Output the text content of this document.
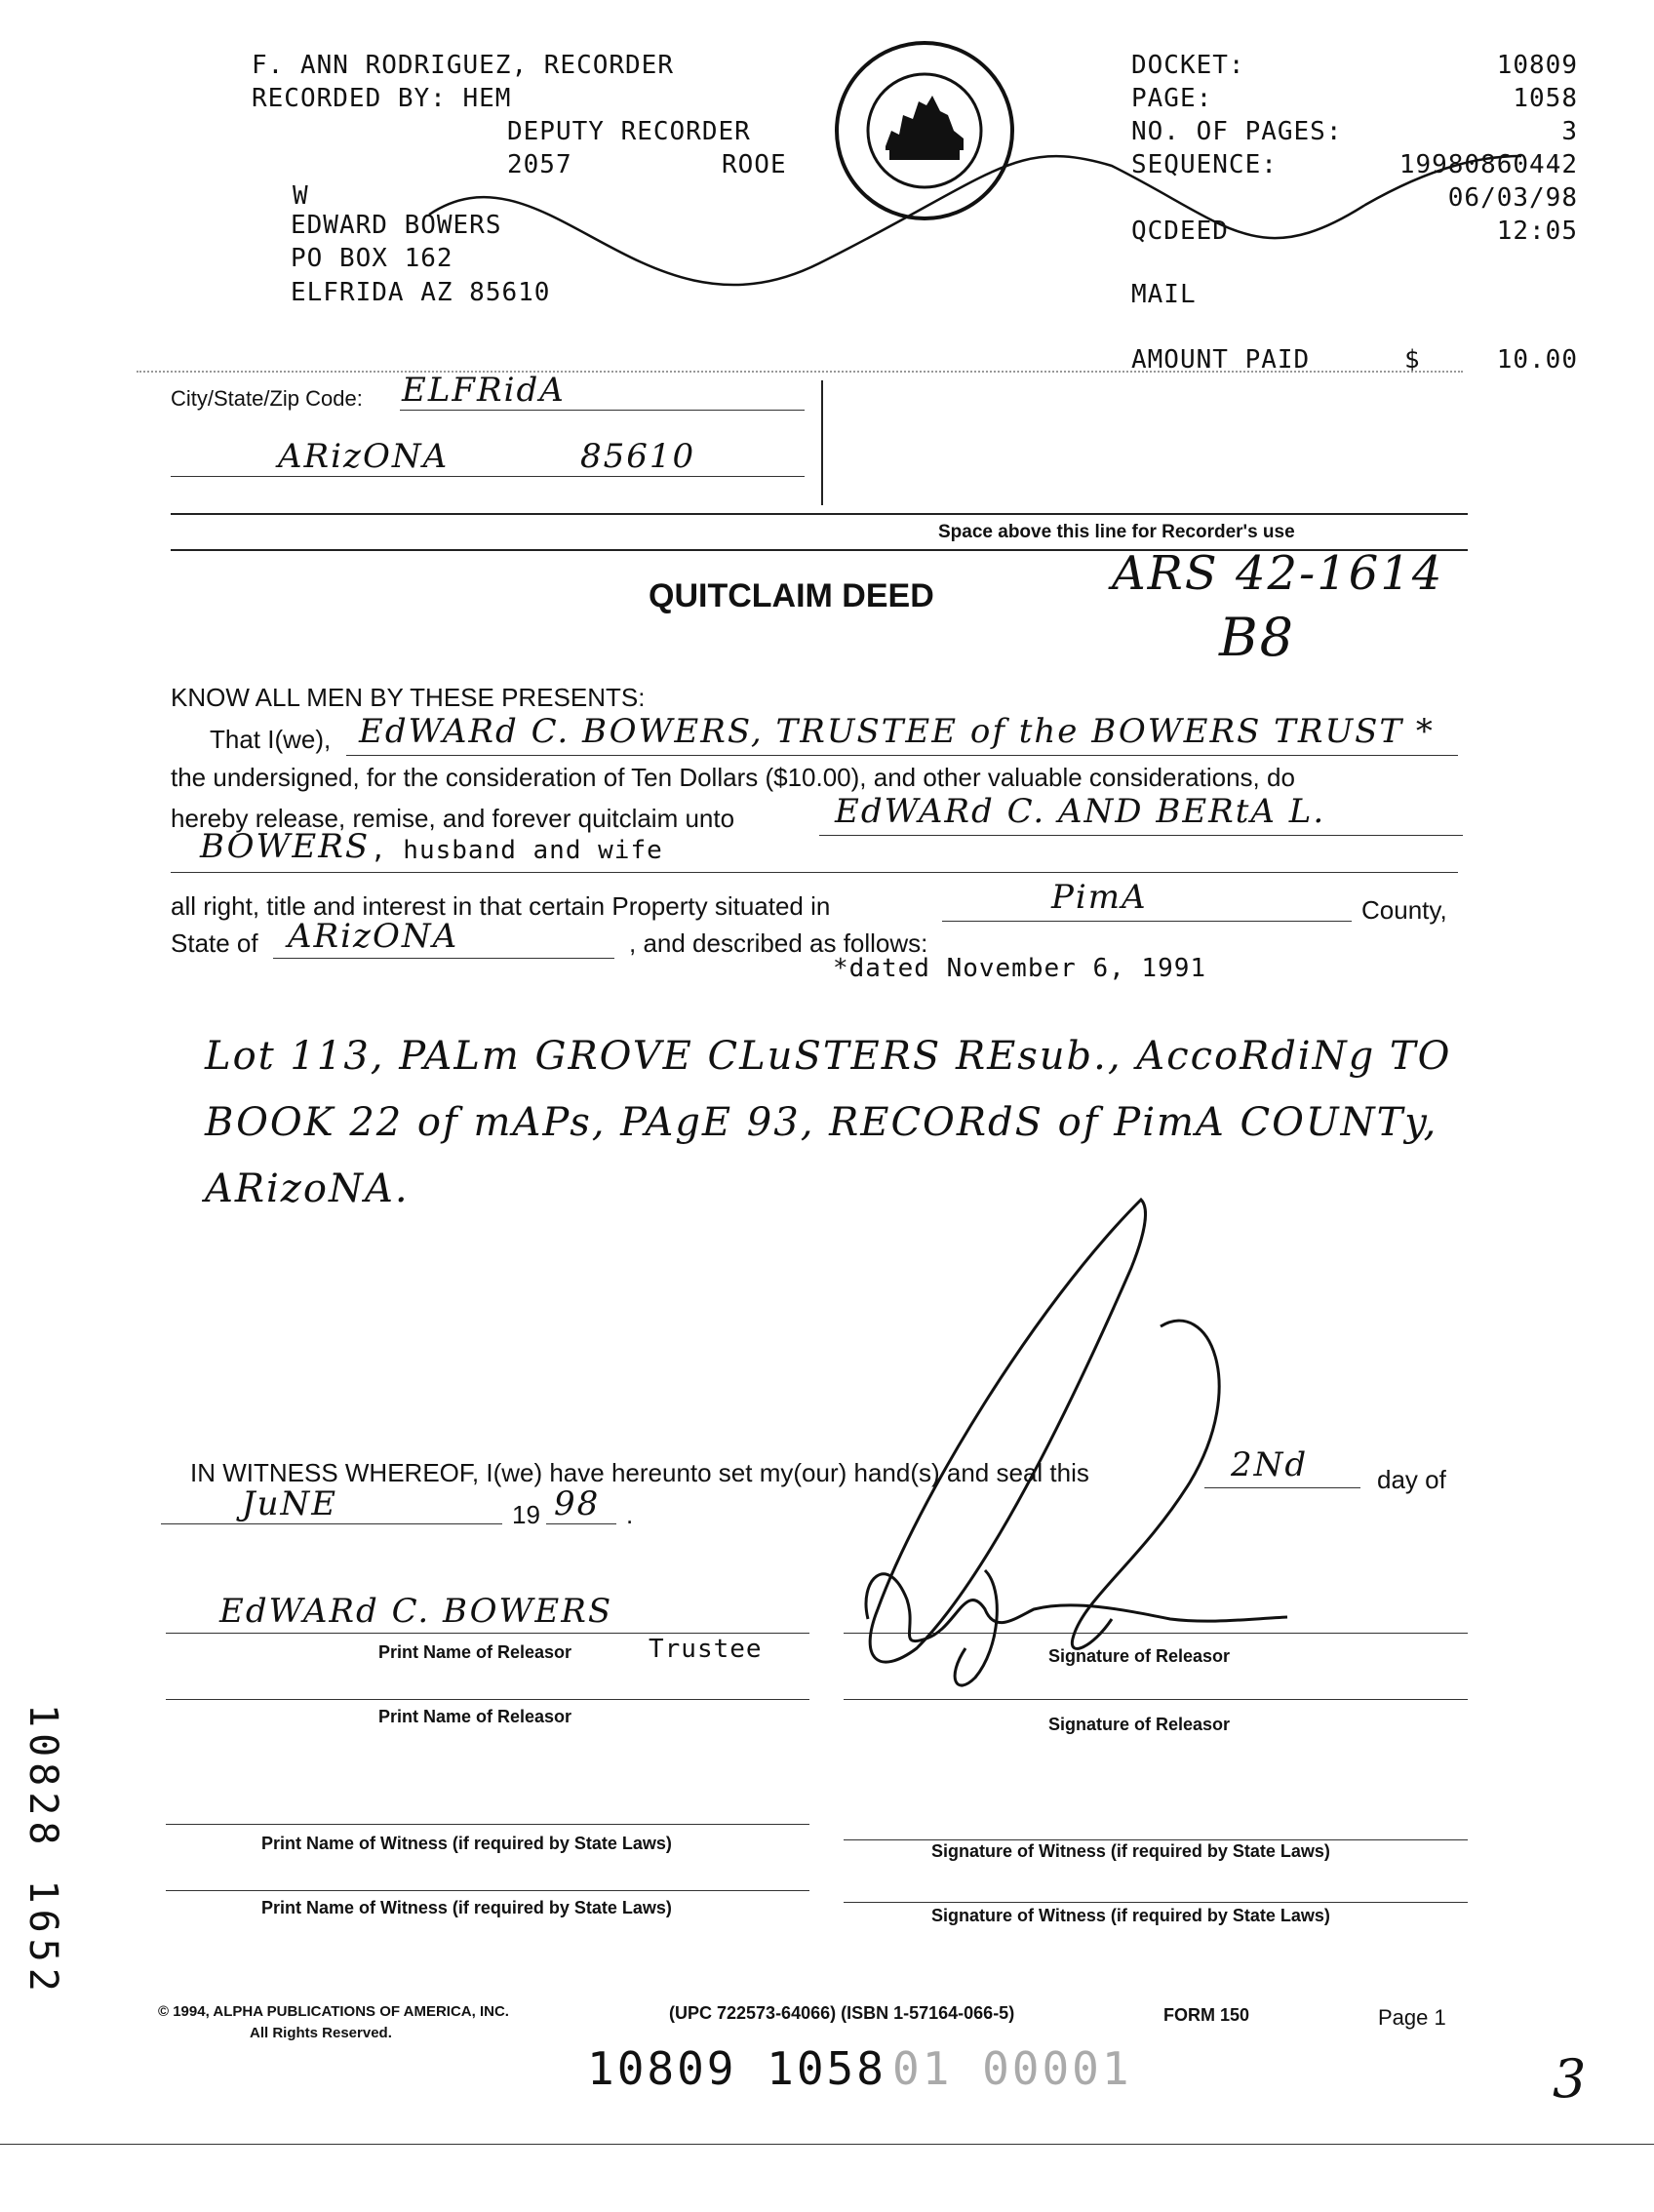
F. ANN RODRIGUEZ, RECORDER
RECORDED BY: HEM
DEPUTY RECORDER
2057	ROOE
W
EDWARD BOWERS
PO BOX 162
ELFRIDA AZ 85610
DOCKET:	10809
PAGE:	1058
NO. OF PAGES:	3
SEQUENCE:	19980860442
06/03/98
QCDEED	12:05
MAIL
AMOUNT PAID	$	10.00
City/State/Zip Code: ELFRidA
ARizONA	85610
Space above this line for Recorder's use
QUITCLAIM DEED	ARS 42-1614
B8
KNOW ALL MEN BY THESE PRESENTS:
That I(we), EdWARd C. BOWERS, TRUSTEE of the BOWERS TRUST *
the undersigned, for the consideration of Ten Dollars ($10.00), and other valuable considerations, do
hereby release, remise, and forever quitclaim unto	EdWARd C. AND BERtA L.
BOWERS , husband and wife
all right, title and interest in that certain Property situated in	PimA	County,
State of ARizONA	, and described as follows:
*dated November 6, 1991
Lot 113, PALm GROVE CLuSTERS REsub., AccoRdiNg TO
BOOK 22 of mAPs, PAgE 93, RECORdS of PimA COUNTy,
ARizoNA.
IN WITNESS WHEREOF, I(we) have hereunto set my(our) hand(s) and seal this	2Nd	day of
JuNE	19 98 .
EdWARd C. BOWERS
Print Name of Releasor	Trustee	Signature of Releasor
Print Name of Releasor	Signature of Releasor
Print Name of Witness (if required by State Laws)	Signature of Witness (if required by State Laws)
Print Name of Witness (if required by State Laws)	Signature of Witness (if required by State Laws)
10828 1652
© 1994, ALPHA PUBLICATIONS OF AMERICA, INC.
All Rights Reserved.
(UPC 722573-64066) (ISBN 1-57164-066-5)	FORM 150	Page 1
10809 1058 01 00001	3
